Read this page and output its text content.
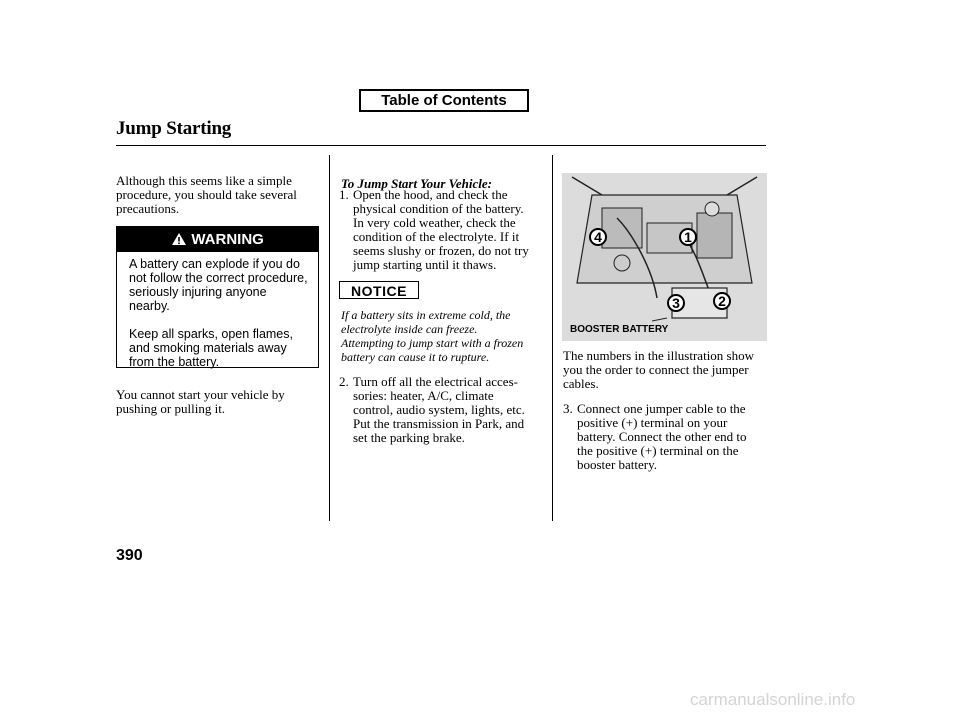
Table of Contents
Jump Starting
Although this seems like a simple
procedure, you should take several
precautions.
WARNING
A battery can explode if you do
not follow the correct procedure,
seriously injuring anyone
nearby.

Keep all sparks, open flames,
and smoking materials away
from the battery.
You cannot start your vehicle by
pushing or pulling it.
To Jump Start Your Vehicle:
1. Open the hood, and check the
physical condition of the battery.
In very cold weather, check the
condition of the electrolyte. If it
seems slushy or frozen, do not try
jump starting until it thaws.
NOTICE
If a battery sits in extreme cold, the
electrolyte inside can freeze.
Attempting to jump start with a frozen
battery can cause it to rupture.
2. Turn off all the electrical acces-
sories: heater, A/C, climate
control, audio system, lights, etc.
Put the transmission in Park, and
set the parking brake.
1
2
3
4
BOOSTER BATTERY
The numbers in the illustration show
you the order to connect the jumper
cables.
3. Connect one jumper cable to the
positive (+) terminal on your
battery. Connect the other end to
the positive (+) terminal on the
booster battery.
390
carmanualsonline.info
